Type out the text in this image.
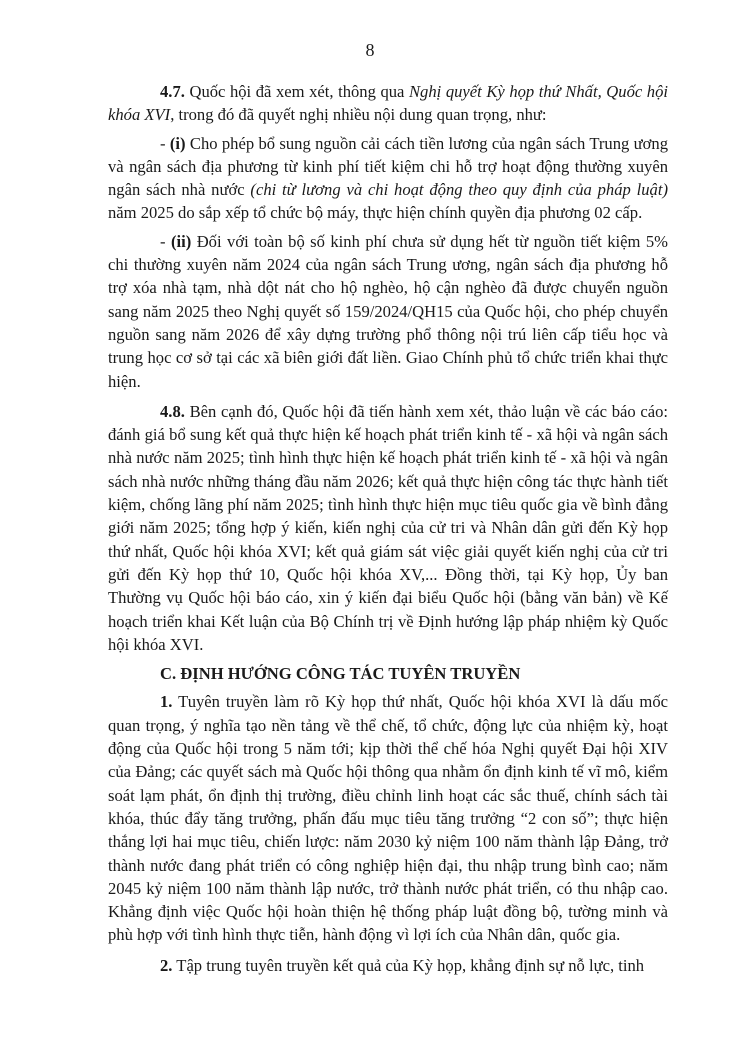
8

4.7. Quốc hội đã xem xét, thông qua Nghị quyết Kỳ họp thứ Nhất, Quốc hội khóa XVI, trong đó đã quyết nghị nhiều nội dung quan trọng, như:

- (i) Cho phép bổ sung nguồn cải cách tiền lương của ngân sách Trung ương và ngân sách địa phương từ kinh phí tiết kiệm chi hỗ trợ hoạt động thường xuyên ngân sách nhà nước (chi từ lương và chi hoạt động theo quy định của pháp luật) năm 2025 do sắp xếp tổ chức bộ máy, thực hiện chính quyền địa phương 02 cấp.

- (ii) Đối với toàn bộ số kinh phí chưa sử dụng hết từ nguồn tiết kiệm 5% chi thường xuyên năm 2024 của ngân sách Trung ương, ngân sách địa phương hỗ trợ xóa nhà tạm, nhà dột nát cho hộ nghèo, hộ cận nghèo đã được chuyển nguồn sang năm 2025 theo Nghị quyết số 159/2024/QH15 của Quốc hội, cho phép chuyển nguồn sang năm 2026 để xây dựng trường phổ thông nội trú liên cấp tiểu học và trung học cơ sở tại các xã biên giới đất liền. Giao Chính phủ tổ chức triển khai thực hiện.

4.8. Bên cạnh đó, Quốc hội đã tiến hành xem xét, thảo luận về các báo cáo: đánh giá bổ sung kết quả thực hiện kế hoạch phát triển kinh tế - xã hội và ngân sách nhà nước năm 2025; tình hình thực hiện kế hoạch phát triển kinh tế - xã hội và ngân sách nhà nước những tháng đầu năm 2026; kết quả thực hiện công tác thực hành tiết kiệm, chống lãng phí năm 2025; tình hình thực hiện mục tiêu quốc gia về bình đẳng giới năm 2025; tổng hợp ý kiến, kiến nghị của cử tri và Nhân dân gửi đến Kỳ họp thứ nhất, Quốc hội khóa XVI; kết quả giám sát việc giải quyết kiến nghị của cử tri gửi đến Kỳ họp thứ 10, Quốc hội khóa XV,... Đồng thời, tại Kỳ họp, Ủy ban Thường vụ Quốc hội báo cáo, xin ý kiến đại biểu Quốc hội (bằng văn bản) về Kế hoạch triển khai Kết luận của Bộ Chính trị về Định hướng lập pháp nhiệm kỳ Quốc hội khóa XVI.

C. ĐỊNH HƯỚNG CÔNG TÁC TUYÊN TRUYỀN

1. Tuyên truyền làm rõ Kỳ họp thứ nhất, Quốc hội khóa XVI là dấu mốc quan trọng, ý nghĩa tạo nền tảng về thể chế, tổ chức, động lực của nhiệm kỳ, hoạt động của Quốc hội trong 5 năm tới; kịp thời thể chế hóa Nghị quyết Đại hội XIV của Đảng; các quyết sách mà Quốc hội thông qua nhằm ổn định kinh tế vĩ mô, kiểm soát lạm phát, ổn định thị trường, điều chỉnh linh hoạt các sắc thuế, chính sách tài khóa, thúc đẩy tăng trưởng, phấn đấu mục tiêu tăng trưởng “2 con số”; thực hiện thắng lợi hai mục tiêu, chiến lược: năm 2030 kỷ niệm 100 năm thành lập Đảng, trở thành nước đang phát triển có công nghiệp hiện đại, thu nhập trung bình cao; năm 2045 kỷ niệm 100 năm thành lập nước, trở thành nước phát triển, có thu nhập cao. Khẳng định việc Quốc hội hoàn thiện hệ thống pháp luật đồng bộ, tường minh và phù hợp với tình hình thực tiễn, hành động vì lợi ích của Nhân dân, quốc gia.

2. Tập trung tuyên truyền kết quả của Kỳ họp, khẳng định sự nỗ lực, tinh
